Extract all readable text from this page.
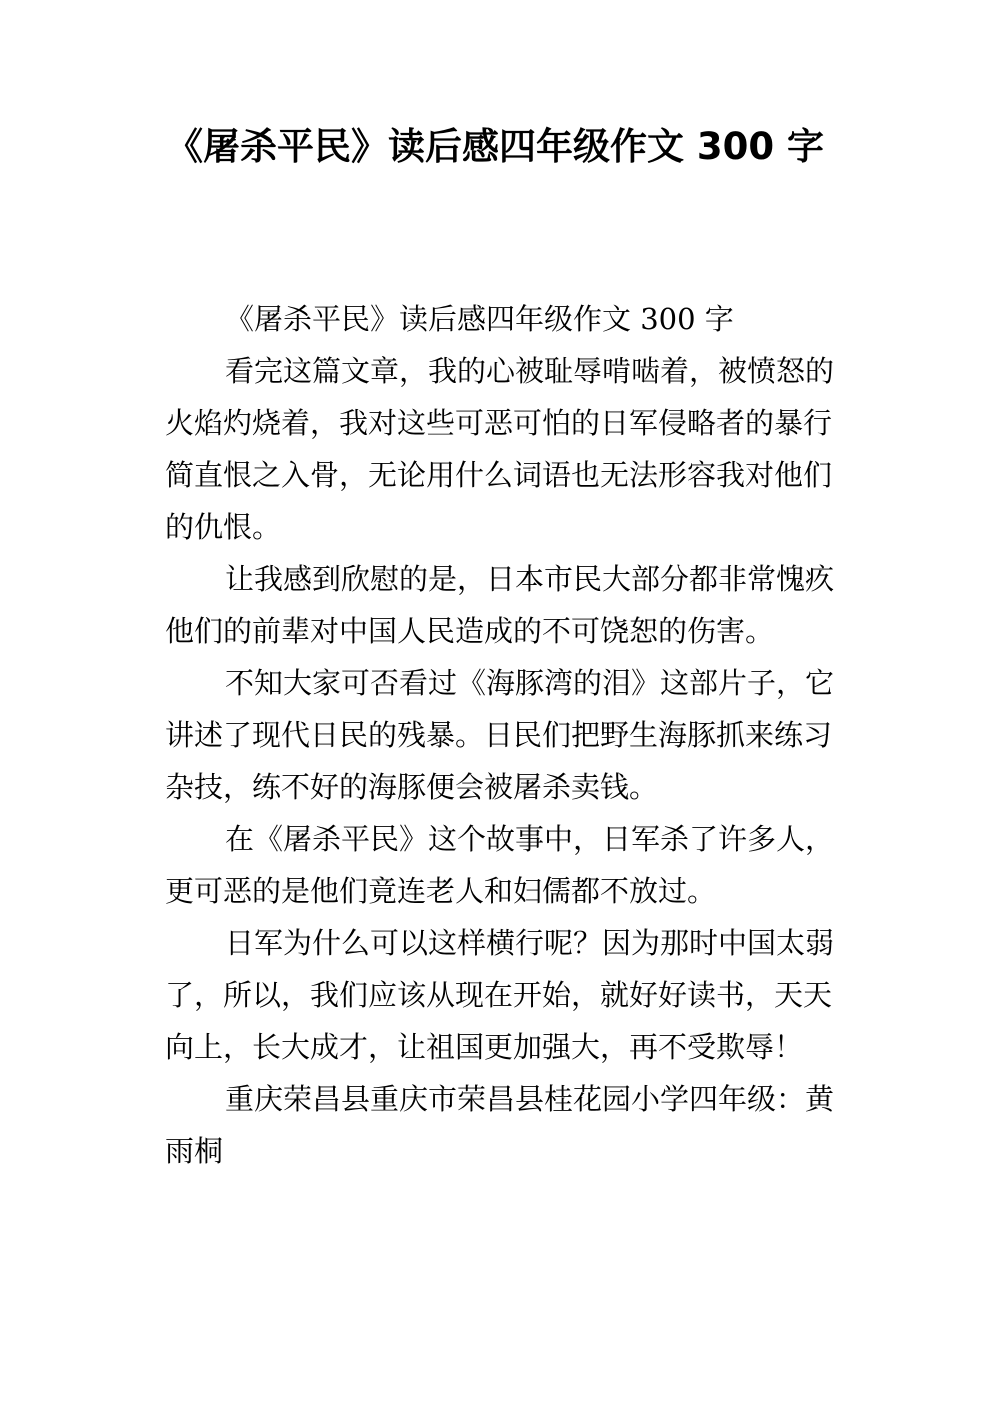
《屠杀平民》读后感四年级作文 300 字

《屠杀平民》读后感四年级作文 300 字

看完这篇文章，我的心被耻辱啃啮着，被愤怒的火焰灼烧着，我对这些可恶可怕的日军侵略者的暴行简直恨之入骨，无论用什么词语也无法形容我对他们的仇恨。

让我感到欣慰的是，日本市民大部分都非常愧疚他们的前辈对中国人民造成的不可饶恕的伤害。

不知大家可否看过《海豚湾的泪》这部片子，它讲述了现代日民的残暴。日民们把野生海豚抓来练习杂技，练不好的海豚便会被屠杀卖钱。

在《屠杀平民》这个故事中，日军杀了许多人，更可恶的是他们竟连老人和妇儒都不放过。

日军为什么可以这样横行呢？因为那时中国太弱了，所以，我们应该从现在开始，就好好读书，天天向上，长大成才，让祖国更加强大，再不受欺辱！

重庆荣昌县重庆市荣昌县桂花园小学四年级：黄雨桐
